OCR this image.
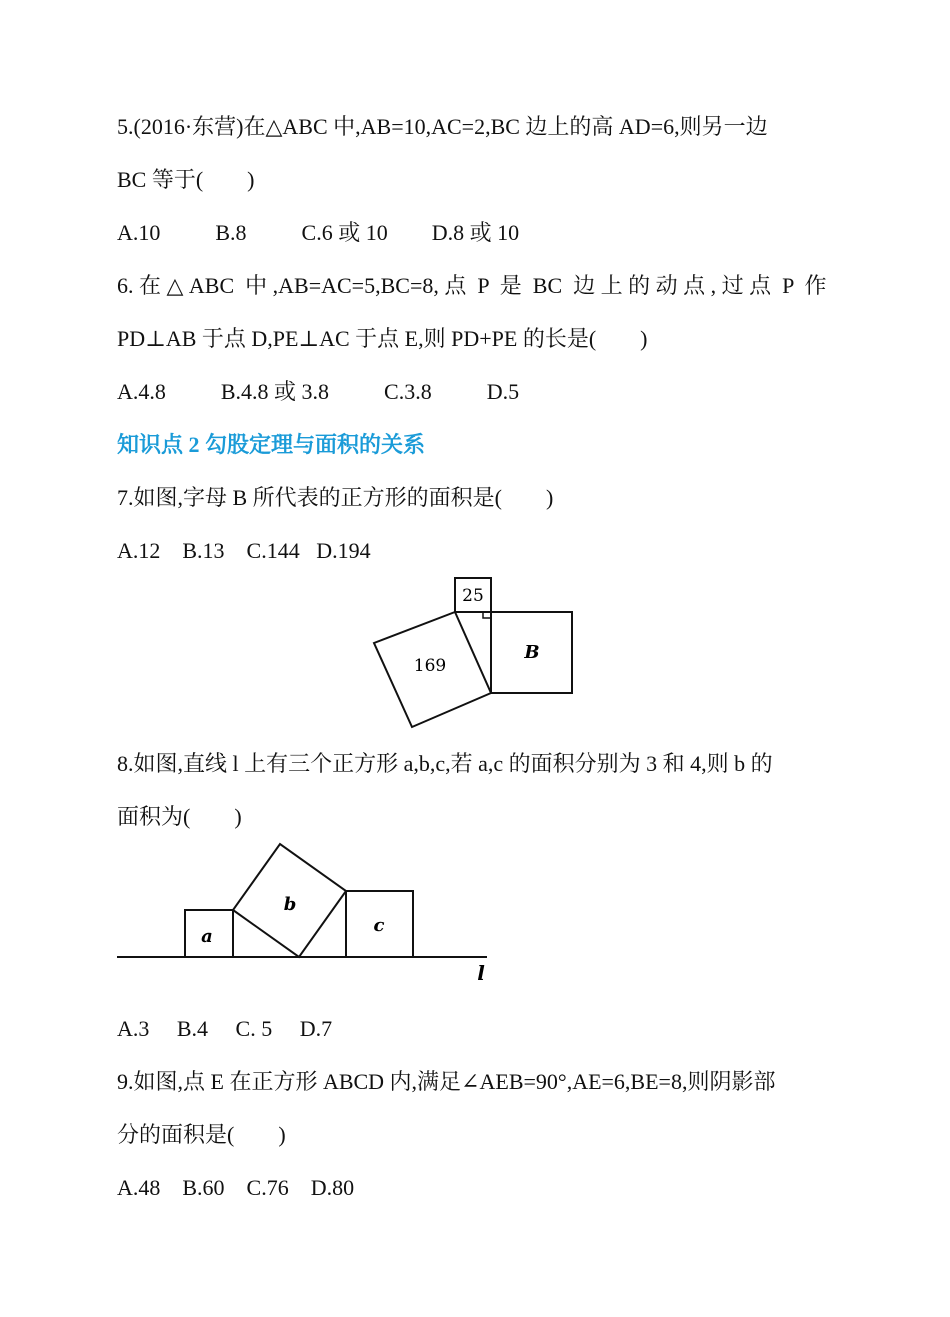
5.(2016·东营)在△ABC 中,AB=10,AC=2,BC 边上的高 AD=6,则另一边
BC 等于(        )
A.10          B.8          C.6 或 10        D.8 或 10
6. 在 △ ABC  中 ,AB=AC=5,BC=8, 点  P  是  BC  边 上 的 动 点 , 过 点  P  作
PD⊥AB 于点 D,PE⊥AC 于点 E,则 PD+PE 的长是(        )
A.4.8          B.4.8 或 3.8          C.3.8          D.5
知识点 2 勾股定理与面积的关系
7.如图,字母 B 所代表的正方形的面积是(        )
A.12    B.13    C.144   D.194
25
169
B
8.如图,直线 l 上有三个正方形 a,b,c,若 a,c 的面积分别为 3 和 4,则 b 的
面积为(        )
a
b
c
l
A.3     B.4     C. 5     D.7
9.如图,点 E 在正方形 ABCD 内,满足∠AEB=90°,AE=6,BE=8,则阴影部
分的面积是(        )
A.48    B.60    C.76    D.80
